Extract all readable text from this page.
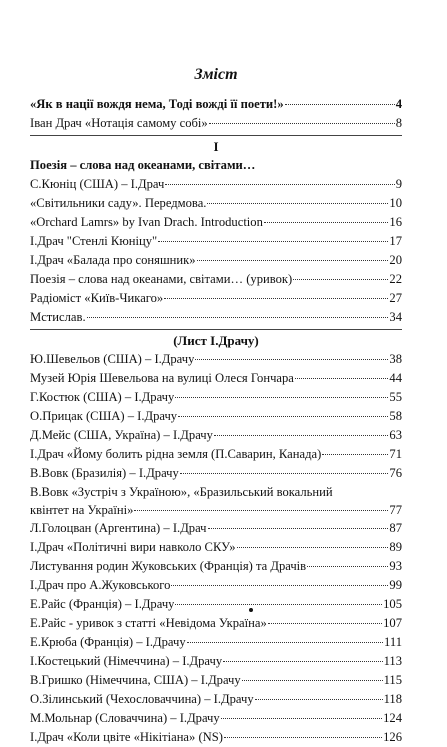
Зміст
«Як в нації вождя нема, Тоді вожді її поети!»	4
Іван Драч «Нотація самому собі»	8
І
Поезія – слова над океанами, світами…
С.Кюніц (США) – І.Драч	9
«Світильники саду». Передмова.	10
«Orchard Lamrs» by Ivan Drach. Introduction	16
І.Драч "Стенлі Кюніцу"	17
І.Драч «Балада про соняшник»	20
Поезія – слова над океанами, світами… (уривок)	22
Радіоміст «Київ-Чикаго»	27
Мстислав.	34
(Лист І.Драчу)
Ю.Шевельов (США) – І.Драчу	38
Музей Юрія Шевельова на вулиці Олеся Гончара	44
Г.Костюк (США) – І.Драчу	55
О.Прицак (США) – І.Драчу	58
Д.Мейс (США, Україна) – І.Драчу	63
І.Драч «Йому болить рідна земля (П.Саварин, Канада)	71
В.Вовк (Бразилія) – І.Драчу	76
В.Вовк «Зустріч з Україною», «Бразильський вокальний
квінтет на Україні»	77
Л.Голоцван (Аргентина) – І.Драч	87
І.Драч «Політичні вири навколо СКУ»	89
Листування родин Жуковських (Франція) та Драчів	93
І.Драч про А.Жуковського	99
Е.Райс (Франція) – І.Драчу	105
Е.Райс - уривок з статті «Невідома Україна»	107
Е.Крюба (Франція) – І.Драчу	111
І.Костецький (Німеччина) – І.Драчу	113
В.Гришко (Німеччина, США) – І.Драчу	115
О.Зілинський (Чехословаччина) – І.Драчу	118
М.Мольнар (Словаччина) – І.Драчу	124
І.Драч «Коли цвіте «Нікітіана» (NS)	126
